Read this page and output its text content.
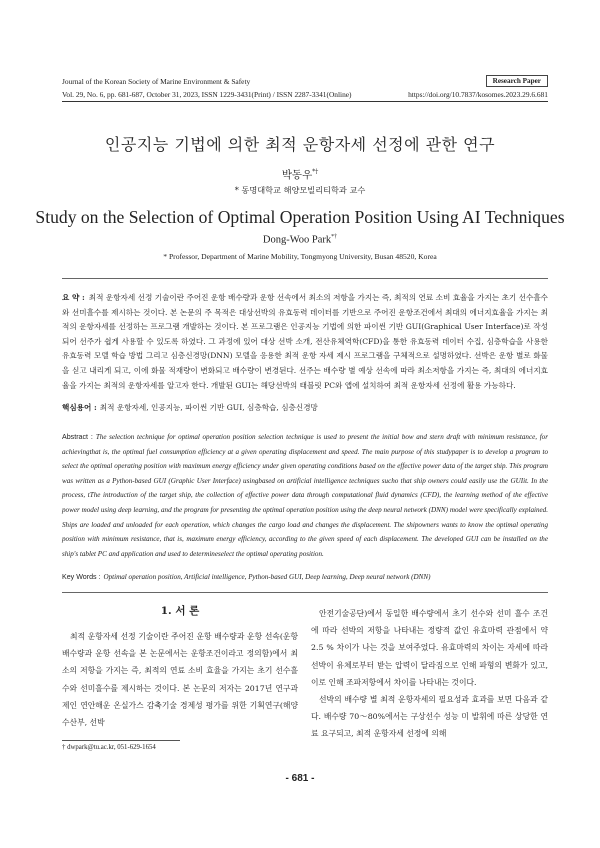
Journal of the Korean Society of Marine Environment & Safety
Vol. 29, No. 6, pp. 681-687, October 31, 2023, ISSN 1229-3431(Print) / ISSN 2287-3341(Online)
Research Paper
https://doi.org/10.7837/kosomes.2023.29.6.681
인공지능 기법에 의한 최적 운항자세 선정에 관한 연구
박동우*†
* 동명대학교 해양모빌리티학과 교수
Study on the Selection of Optimal Operation Position Using AI Techniques
Dong-Woo Park*†
* Professor, Department of Marine Mobility, Tongmyong University, Busan 48520, Korea
요 약 : 최적 운항자세 선정 기술이란 주어진 운항 배수량과 운항 선속에서 최소의 저항을 가지는 즉, 최적의 연료 소비 효율을 가지는 초기 선수흘수와 선미흘수를 제시하는 것이다. 본 논문의 주 목적은 대상선박의 유효동력 데이터를 기반으로 주어진 운항조건에서 최대의 에너지효율을 가지는 최적의 운항자세를 선정하는 프로그램 개발하는 것이다. 본 프로그램은 인공지능 기법에 의한 파이썬 기반 GUI(Graphical User Interface)로 작성되어 선주가 쉽게 사용할 수 있도록 하였다. 그 과정에 있어 대상 선박 소개, 전산유체역학(CFD)을 통한 유효동력 데이터 수집, 심층학습을 사용한 유효동력 모델 학습 방법 그리고 심층신경망(DNN) 모델을 응용한 최적 운항 자세 제시 프로그램을 구체적으로 설명하였다. 선박은 운항 별로 화물을 싣고 내리게 되고, 이에 화물 적재량이 변화되고 배수량이 변경된다. 선주는 배수량 별 예상 선속에 따라 최소저항을 가지는 즉, 최대의 에너지효율을 가지는 최적의 운항자세를 알고자 한다. 개발된 GUI는 해당선박의 태블릿 PC와 앱에 설치하여 최적 운항자세 선정에 활용 가능하다.
핵심용어 : 최적 운항자세, 인공지능, 파이썬 기반 GUI, 심층학습, 심층신경망
Abstract : The selection technique for optimal operation position selection technique is used to present the initial bow and stern draft with minimum resistance, for achievingthat is, the optimal fuel consumption efficiency at a given operating displacement and speed. The main purpose of this studypaper is to develop a program to select the optimal operating position with maximum energy efficiency under given operating conditions based on the effective power data of the target ship. This program was written as a Python-based GUI (Graphic User Interface) usingbased on artificial intelligence techniques sucho that ship owners could easily use the GUIit. In the process, tThe introduction of the target ship, the collection of effective power data through computational fluid dynamics (CFD), the learning method of the effective power model using deep learning, and the program for presenting the optimal operation position using the deep neural network (DNN) model were specifically explained. Ships are loaded and unloaded for each operation, which changes the cargo load and changes the displacement. The shipowners wants to know the optimal operating position with minimum resistance, that is, maximum energy efficiency, according to the given speed of each displacement. The developed GUI can be installed on the ship's tablet PC and application and used to determineselect the optimal operating position.
Key Words : Optimal operation position, Artificial intelligence, Python-based GUI, Deep learning, Deep neural network (DNN)
1. 서 론
최적 운항자세 선정 기술이란 주어진 운항 배수량과 운항 선속(운항 배수량과 운항 선속을 본 논문에서는 운항조건이라고 정의함)에서 최소의 저항을 가지는 즉, 최적의 연료 소비 효율을 가지는 초기 선수흘수와 선미흘수를 제시하는 것이다. 본 논문의 저자는 2017년 연구과제인 연안해운 온실가스 감축기술 경제성 평가를 위한 기획연구(해양수산부, 선박

안전기술공단)에서 동일한 배수량에서 초기 선수와 선미 흘수 조건에 따라 선박의 저항을 나타내는 정량적 값인 유효마력 관점에서 약 2.5 % 차이가 나는 것을 보여주었다. 유효마력의 차이는 자세에 따라 선박이 유체로부터 받는 압력이 달라짐으로 인해 파형의 변화가 있고, 이로 인해 조파저항에서 차이를 나타내는 것이다.

선박의 배수량 별 최적 운항자세의 필요성과 효과를 보면 다음과 같다. 배수량 70～80%에서는 구상선수 성능 미 발휘에 따른 상당한 연료 요구되고, 최적 운항자세 선정에 의해

† dwpark@tu.ac.kr, 051-629-1654
- 681 -
